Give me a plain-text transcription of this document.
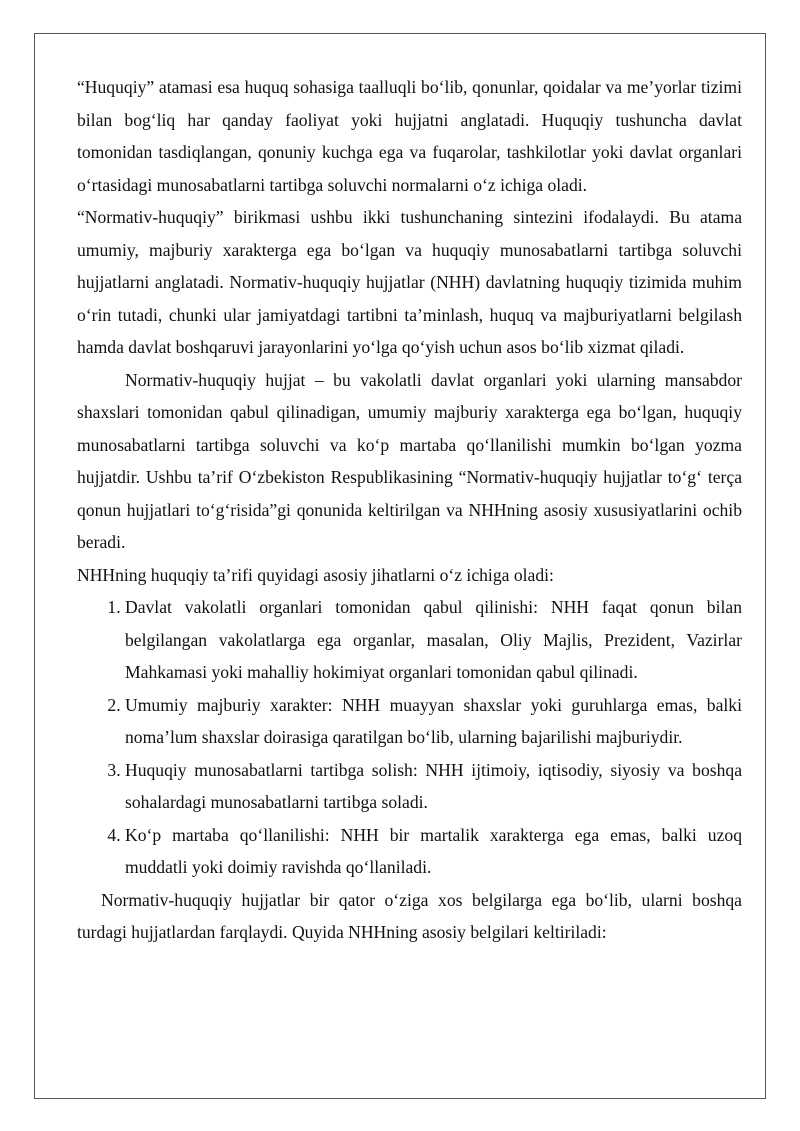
“Huquqiy” atamasi esa huquq sohasiga taalluqli bo‘lib, qonunlar, qoidalar va me’yorlar tizimi bilan bog‘liq har qanday faoliyat yoki hujjatni anglatadi. Huquqiy tushuncha davlat tomonidan tasdiqlangan, qonuniy kuchga ega va fuqarolar, tashkilotlar yoki davlat organlari o‘rtasidagi munosabatlarni tartibga soluvchi normalarni o‘z ichiga oladi.

“Normativ-huquqiy” birikmasi ushbu ikki tushunchaning sintezini ifodalaydi. Bu atama umumiy, majburiy xarakterga ega bo‘lgan va huquqiy munosabatlarni tartibga soluvchi hujjatlarni anglatadi. Normativ-huquqiy hujjatlar (NHH) davlatning huquqiy tizimida muhim o‘rin tutadi, chunki ular jamiyatdagi tartibni ta’minlash, huquq va majburiyatlarni belgilash hamda davlat boshqaruvi jarayonlarini yo‘lga qo‘yish uchun asos bo‘lib xizmat qiladi.

Normativ-huquqiy hujjat – bu vakolatli davlat organlari yoki ularning mansabdor shaxslari tomonidan qabul qilinadigan, umumiy majburiy xarakterga ega bo‘lgan, huquqiy munosabatlarni tartibga soluvchi va ko‘p martaba qo‘llanilishi mumkin bo‘lgan yozma hujjatdir. Ushbu ta’rif O‘zbekiston Respublikasining “Normativ-huquqiy hujjatlar to‘g‘ terça qonun hujjatlari to‘g‘risida”gi qonunida keltirilgan va NHHning asosiy xususiyatlarini ochib beradi.

NHHning huquqiy ta’rifi quyidagi asosiy jihatlarni o‘z ichiga oladi:

1. Davlat vakolatli organlari tomonidan qabul qilinishi: NHH faqat qonun bilan belgilangan vakolatlarga ega organlar, masalan, Oliy Majlis, Prezident, Vazirlar Mahkamasi yoki mahalliy hokimiyat organlari tomonidan qabul qilinadi.
2. Umumiy majburiy xarakter: NHH muayyan shaxslar yoki guruhlarga emas, balki noma’lum shaxslar doirasiga qaratilgan bo‘lib, ularning bajarilishi majburiydir.
3. Huquqiy munosabatlarni tartibga solish: NHH ijtimoiy, iqtisodiy, siyosiy va boshqa sohalardagi munosabatlarni tartibga soladi.
4. Ko‘p martaba qo‘llanilishi: NHH bir martalik xarakterga ega emas, balki uzoq muddatli yoki doimiy ravishda qo‘llaniladi.

Normativ-huquqiy hujjatlar bir qator o‘ziga xos belgilarga ega bo‘lib, ularni boshqa turdagi hujjatlardan farqlaydi. Quyida NHHning asosiy belgilari keltiriladi:
